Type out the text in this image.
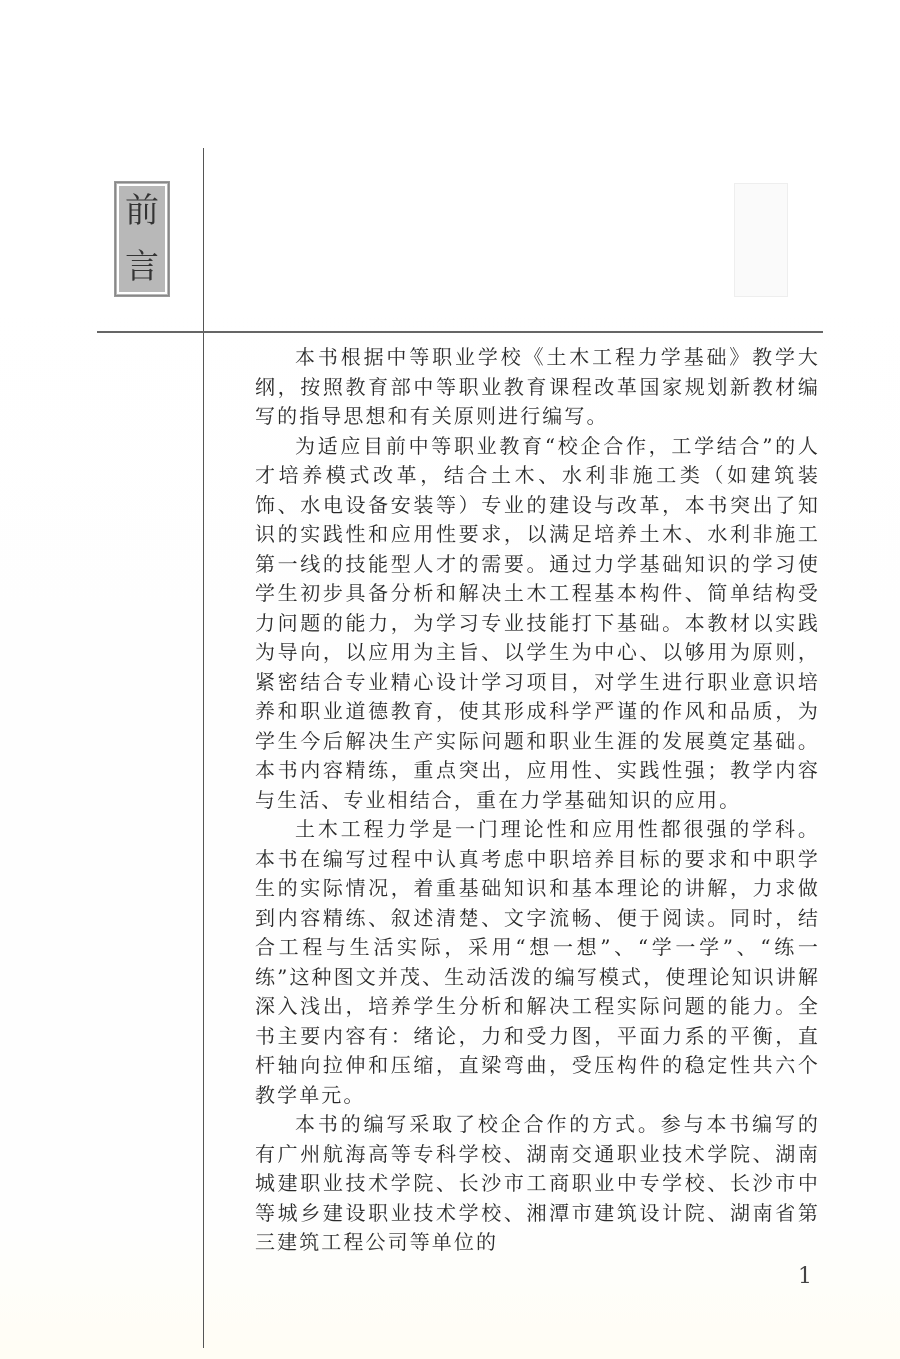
前
言

本书根据中等职业学校《土木工程力学基础》教学大纲，按照教育部中等职业教育课程改革国家规划新教材编写的指导思想和有关原则进行编写。

为适应目前中等职业教育“校企合作，工学结合”的人才培养模式改革，结合土木、水利非施工类（如建筑装饰、水电设备安装等）专业的建设与改革，本书突出了知识的实践性和应用性要求，以满足培养土木、水利非施工第一线的技能型人才的需要。通过力学基础知识的学习使学生初步具备分析和解决土木工程基本构件、简单结构受力问题的能力，为学习专业技能打下基础。本教材以实践为导向，以应用为主旨、以学生为中心、以够用为原则，紧密结合专业精心设计学习项目，对学生进行职业意识培养和职业道德教育，使其形成科学严谨的作风和品质，为学生今后解决生产实际问题和职业生涯的发展奠定基础。本书内容精练，重点突出，应用性、实践性强；教学内容与生活、专业相结合，重在力学基础知识的应用。

土木工程力学是一门理论性和应用性都很强的学科。本书在编写过程中认真考虑中职培养目标的要求和中职学生的实际情况，着重基础知识和基本理论的讲解，力求做到内容精练、叙述清楚、文字流畅、便于阅读。同时，结合工程与生活实际，采用“想一想”、“学一学”、“练一练”这种图文并茂、生动活泼的编写模式，使理论知识讲解深入浅出，培养学生分析和解决工程实际问题的能力。全书主要内容有：绪论，力和受力图，平面力系的平衡，直杆轴向拉伸和压缩，直梁弯曲，受压构件的稳定性共六个教学单元。

本书的编写采取了校企合作的方式。参与本书编写的有广州航海高等专科学校、湖南交通职业技术学院、湖南城建职业技术学院、长沙市工商职业中专学校、长沙市中等城乡建设职业技术学校、湘潭市建筑设计院、湖南省第三建筑工程公司等单位的

1
